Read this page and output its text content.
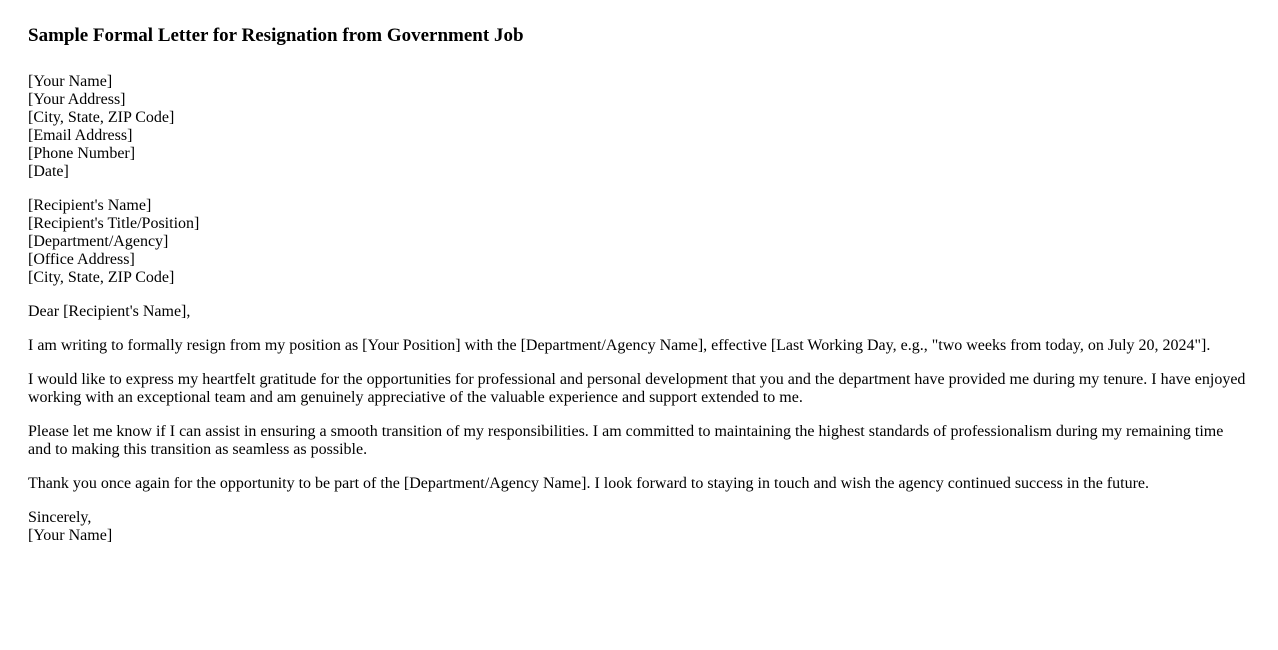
Sample Formal Letter for Resignation from Government Job
[Your Name]
[Your Address]
[City, State, ZIP Code]
[Email Address]
[Phone Number]
[Date]
[Recipient's Name]
[Recipient's Title/Position]
[Department/Agency]
[Office Address]
[City, State, ZIP Code]

Dear [Recipient's Name],

I am writing to formally resign from my position as [Your Position] with the [Department/Agency Name], effective [Last Working Day, e.g., "two weeks from today, on July 20, 2024"].

I would like to express my heartfelt gratitude for the opportunities for professional and personal development that you and the department have provided me during my tenure. I have enjoyed working with an exceptional team and am genuinely appreciative of the valuable experience and support extended to me.

Please let me know if I can assist in ensuring a smooth transition of my responsibilities. I am committed to maintaining the highest standards of professionalism during my remaining time and to making this transition as seamless as possible.

Thank you once again for the opportunity to be part of the [Department/Agency Name]. I look forward to staying in touch and wish the agency continued success in the future.

Sincerely,
[Your Name]
